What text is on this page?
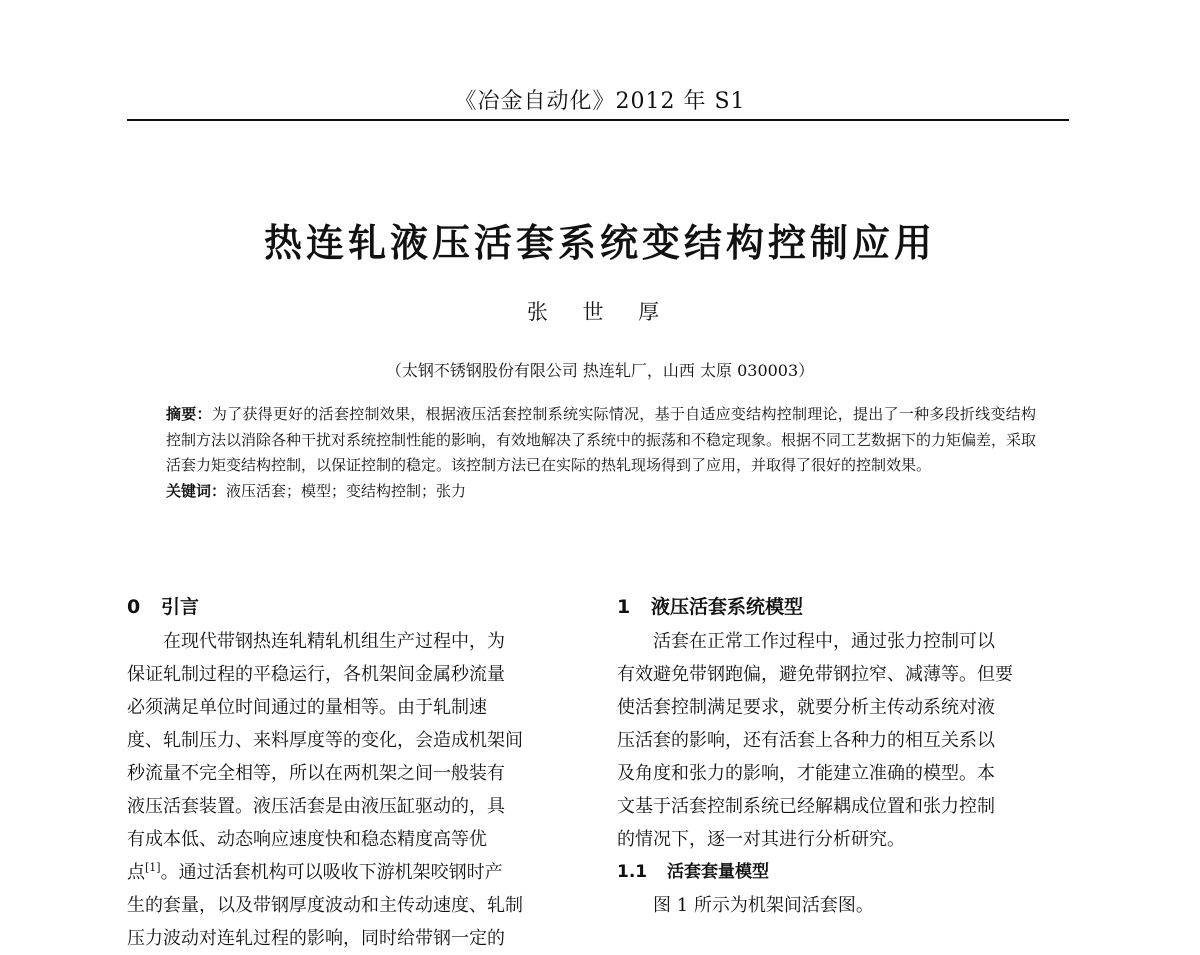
《冶金自动化》2012 年 S1
热连轧液压活套系统变结构控制应用
张 世 厚
（太钢不锈钢股份有限公司 热连轧厂，山西 太原 030003）
摘要：为了获得更好的活套控制效果，根据液压活套控制系统实际情况，基于自适应变结构控制理论，提出了一种多段折线变结构控制方法以消除各种干扰对系统控制性能的影响，有效地解决了系统中的振荡和不稳定现象。根据不同工艺数据下的力矩偏差，采取活套力矩变结构控制，以保证控制的稳定。该控制方法已在实际的热轧现场得到了应用，并取得了很好的控制效果。
关键词：液压活套；模型；变结构控制；张力
0 引言
在现代带钢热连轧精轧机组生产过程中，为
保证轧制过程的平稳运行，各机架间金属秒流量
必须满足单位时间通过的量相等。由于轧制速
度、轧制压力、来料厚度等的变化，会造成机架间
秒流量不完全相等，所以在两机架之间一般装有
液压活套装置。液压活套是由液压缸驱动的，具
有成本低、动态响应速度快和稳态精度高等优
点[1]。通过活套机构可以吸收下游机架咬钢时产
生的套量，以及带钢厚度波动和主传动速度、轧制
压力波动对连轧过程的影响，同时给带钢一定的
1 液压活套系统模型
活套在正常工作过程中，通过张力控制可以
有效避免带钢跑偏，避免带钢拉窄、减薄等。但要
使活套控制满足要求，就要分析主传动系统对液
压活套的影响，还有活套上各种力的相互关系以
及角度和张力的影响，才能建立准确的模型。本
文基于活套控制系统已经解耦成位置和张力控制
的情况下，逐一对其进行分析研究。
1.1 活套套量模型
图 1 所示为机架间活套图。
